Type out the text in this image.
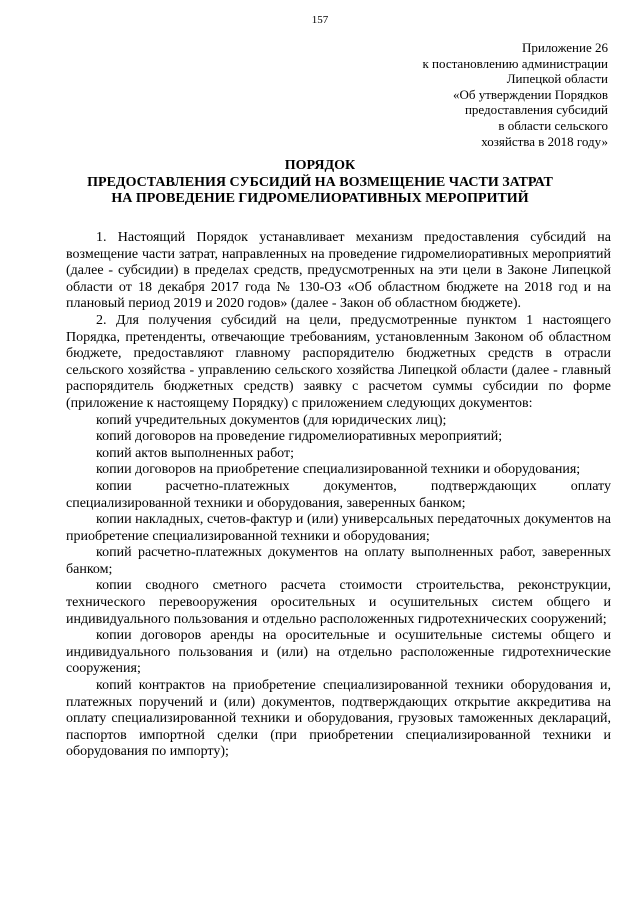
157
Приложение 26
к постановлению администрации
Липецкой области
«Об утверждении Порядков
предоставления субсидий
в области сельского
хозяйства в 2018 году»
ПОРЯДОК
ПРЕДОСТАВЛЕНИЯ СУБСИДИЙ НА ВОЗМЕЩЕНИЕ ЧАСТИ ЗАТРАТ
НА ПРОВЕДЕНИЕ ГИДРОМЕЛИОРАТИВНЫХ МЕРОПРИТИЙ

1. Настоящий Порядок устанавливает механизм предоставления субсидий на возмещение части затрат, направленных на проведение гидромелиоративных мероприятий (далее - субсидии) в пределах средств, предусмотренных на эти цели в Законе Липецкой области от 18 декабря 2017 года № 130-ОЗ «Об областном бюджете на 2018 год и на плановый период 2019 и 2020 годов» (далее - Закон об областном бюджете).

2. Для получения субсидий на цели, предусмотренные пунктом 1 настоящего Порядка, претенденты, отвечающие требованиям, установленным Законом об областном бюджете, предоставляют главному распорядителю бюджетных средств в отрасли сельского хозяйства - управлению сельского хозяйства Липецкой области (далее - главный распорядитель бюджетных средств) заявку с расчетом суммы субсидии по форме (приложение к настоящему Порядку) с приложением следующих документов:

копий учредительных документов (для юридических лиц);

копий договоров на проведение гидромелиоративных мероприятий;

копий актов выполненных работ;

копии договоров на приобретение специализированной техники и оборудования;

копии расчетно-платежных документов, подтверждающих оплату специализированной техники и оборудования, заверенных банком;

копии накладных, счетов-фактур и (или) универсальных передаточных документов на приобретение специализированной техники и оборудования;

копий расчетно-платежных документов на оплату выполненных работ, заверенных банком;

копии сводного сметного расчета стоимости строительства, реконструкции, технического перевооружения оросительных и осушительных систем общего и индивидуального пользования и отдельно расположенных гидротехнических сооружений;

копии договоров аренды на оросительные и осушительные системы общего и индивидуального пользования и (или) на отдельно расположенные гидротехнические сооружения;

копий контрактов на приобретение специализированной техники оборудования и, платежных поручений и (или) документов, подтверждающих открытие аккредитива на оплату специализированной техники и оборудования, грузовых таможенных деклараций, паспортов импортной сделки (при приобретении специализированной техники и оборудования по импорту);
